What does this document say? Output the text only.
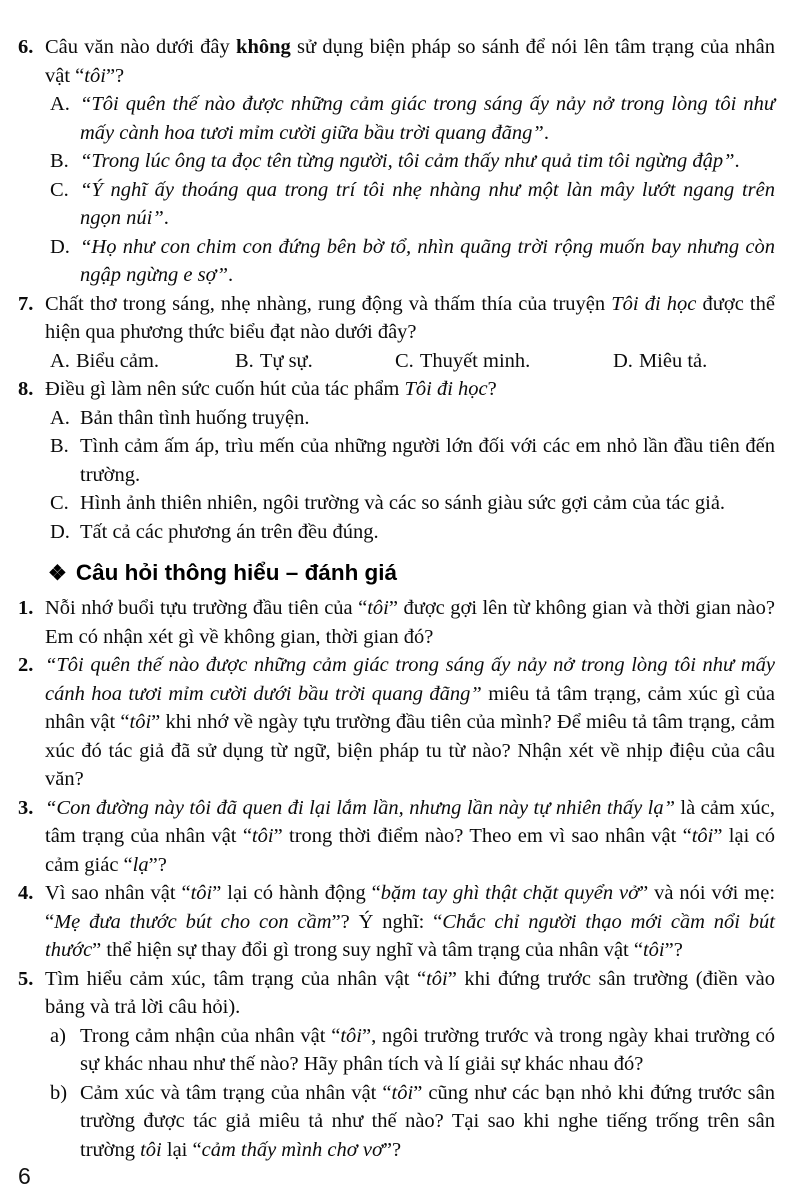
6. Câu văn nào dưới đây không sử dụng biện pháp so sánh để nói lên tâm trạng của nhân vật “tôi”?

A. “Tôi quên thế nào được những cảm giác trong sáng ấy nảy nở trong lòng tôi như mấy cành hoa tươi mỉm cười giữa bầu trời quang đãng”.

B. “Trong lúc ông ta đọc tên từng người, tôi cảm thấy như quả tim tôi ngừng đập”.

C. “Ý nghĩ ấy thoáng qua trong trí tôi nhẹ nhàng như một làn mây lướt ngang trên ngọn núi”.

D. “Họ như con chim con đứng bên bờ tổ, nhìn quãng trời rộng muốn bay nhưng còn ngập ngừng e sợ”.

7. Chất thơ trong sáng, nhẹ nhàng, rung động và thấm thía của truyện Tôi đi học được thể hiện qua phương thức biểu đạt nào dưới đây?

A. Biểu cảm.	B. Tự sự.	C. Thuyết minh.	D. Miêu tả.

8. Điều gì làm nên sức cuốn hút của tác phẩm Tôi đi học?

A. Bản thân tình huống truyện.

B. Tình cảm ấm áp, trìu mến của những người lớn đối với các em nhỏ lần đầu tiên đến trường.

C. Hình ảnh thiên nhiên, ngôi trường và các so sánh giàu sức gợi cảm của tác giả.

D. Tất cả các phương án trên đều đúng.

❖ Câu hỏi thông hiểu – đánh giá

1. Nỗi nhớ buổi tựu trường đầu tiên của “tôi” được gợi lên từ không gian và thời gian nào? Em có nhận xét gì về không gian, thời gian đó?

2. “Tôi quên thế nào được những cảm giác trong sáng ấy nảy nở trong lòng tôi như mấy cánh hoa tươi mỉm cười dưới bầu trời quang đãng” miêu tả tâm trạng, cảm xúc gì của nhân vật “tôi” khi nhớ về ngày tựu trường đầu tiên của mình? Để miêu tả tâm trạng, cảm xúc đó tác giả đã sử dụng từ ngữ, biện pháp tu từ nào? Nhận xét về nhịp điệu của câu văn?

3. “Con đường này tôi đã quen đi lại lắm lần, nhưng lần này tự nhiên thấy lạ” là cảm xúc, tâm trạng của nhân vật “tôi” trong thời điểm nào? Theo em vì sao nhân vật “tôi” lại có cảm giác “lạ”?

4. Vì sao nhân vật “tôi” lại có hành động “bặm tay ghì thật chặt quyển vở” và nói với mẹ: “Mẹ đưa thước bút cho con cầm”? Ý nghĩ: “Chắc chỉ người thạo mới cầm nổi bút thước” thể hiện sự thay đổi gì trong suy nghĩ và tâm trạng của nhân vật “tôi”?

5. Tìm hiểu cảm xúc, tâm trạng của nhân vật “tôi” khi đứng trước sân trường (điền vào bảng và trả lời câu hỏi).

a) Trong cảm nhận của nhân vật “tôi”, ngôi trường trước và trong ngày khai trường có sự khác nhau như thế nào? Hãy phân tích và lí giải sự khác nhau đó?

b) Cảm xúc và tâm trạng của nhân vật “tôi” cũng như các bạn nhỏ khi đứng trước sân trường được tác giả miêu tả như thế nào? Tại sao khi nghe tiếng trống trên sân trường tôi lại “cảm thấy mình chơ vơ”?

6
